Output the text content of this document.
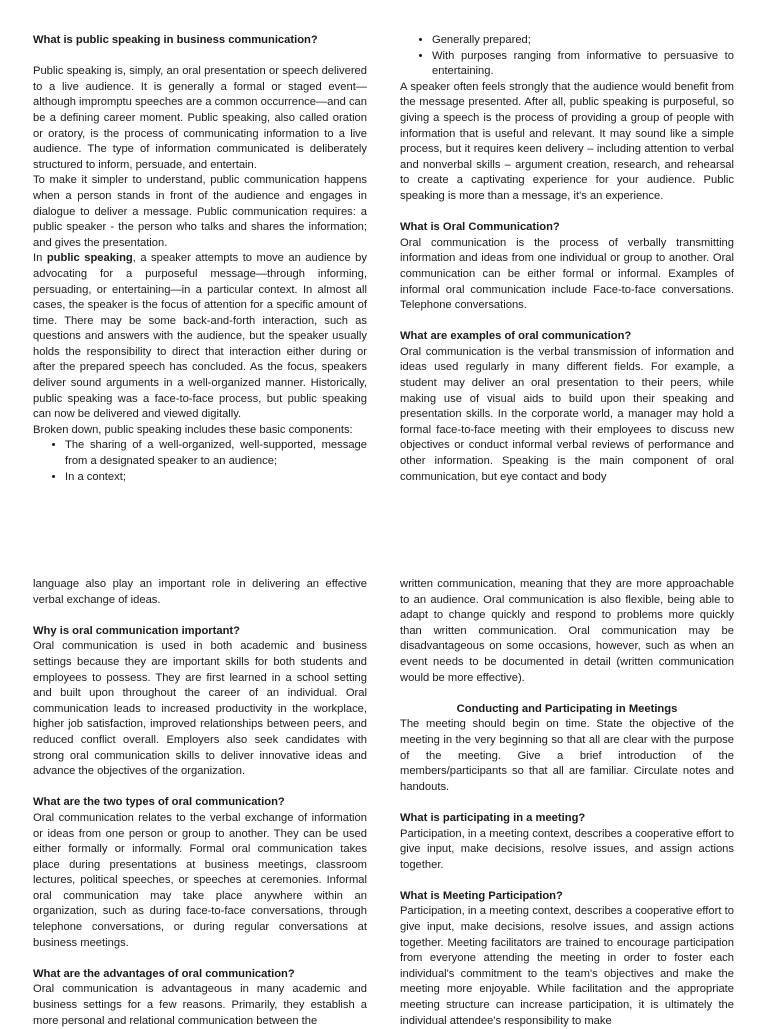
What is public speaking in business communication?

Public speaking is, simply, an oral presentation or speech delivered to a live audience. It is generally a formal or staged event—although impromptu speeches are a common occurrence—and can be a defining career moment. Public speaking, also called oration or oratory, is the process of communicating information to a live audience. The type of information communicated is deliberately structured to inform, persuade, and entertain.

To make it simpler to understand, public communication happens when a person stands in front of the audience and engages in dialogue to deliver a message. Public communication requires: a public speaker - the person who talks and shares the information; and gives the presentation.

In public speaking, a speaker attempts to move an audience by advocating for a purposeful message—through informing, persuading, or entertaining—in a particular context. In almost all cases, the speaker is the focus of attention for a specific amount of time. There may be some back-and-forth interaction, such as questions and answers with the audience, but the speaker usually holds the responsibility to direct that interaction either during or after the prepared speech has concluded. As the focus, speakers deliver sound arguments in a well-organized manner. Historically, public speaking was a face-to-face process, but public speaking can now be delivered and viewed digitally.

Broken down, public speaking includes these basic components:

• The sharing of a well-organized, well-supported, message from a designated speaker to an audience;
• In a context;
• Generally prepared;
• With purposes ranging from informative to persuasive to entertaining.

A speaker often feels strongly that the audience would benefit from the message presented. After all, public speaking is purposeful, so giving a speech is the process of providing a group of people with information that is useful and relevant. It may sound like a simple process, but it requires keen delivery – including attention to verbal and nonverbal skills – argument creation, research, and rehearsal to create a captivating experience for your audience. Public speaking is more than a message, it's an experience.

What is Oral Communication?

Oral communication is the process of verbally transmitting information and ideas from one individual or group to another. Oral communication can be either formal or informal. Examples of informal oral communication include Face-to-face conversations. Telephone conversations.

What are examples of oral communication?

Oral communication is the verbal transmission of information and ideas used regularly in many different fields. For example, a student may deliver an oral presentation to their peers, while making use of visual aids to build upon their speaking and presentation skills. In the corporate world, a manager may hold a formal face-to-face meeting with their employees to discuss new objectives or conduct informal verbal reviews of performance and other information. Speaking is the main component of oral communication, but eye contact and body

language also play an important role in delivering an effective verbal exchange of ideas.

Why is oral communication important?

Oral communication is used in both academic and business settings because they are important skills for both students and employees to possess. They are first learned in a school setting and built upon throughout the career of an individual. Oral communication leads to increased productivity in the workplace, higher job satisfaction, improved relationships between peers, and reduced conflict overall. Employers also seek candidates with strong oral communication skills to deliver innovative ideas and advance the objectives of the organization.

What are the two types of oral communication?

Oral communication relates to the verbal exchange of information or ideas from one person or group to another. They can be used either formally or informally. Formal oral communication takes place during presentations at business meetings, classroom lectures, political speeches, or speeches at ceremonies. Informal oral communication may take place anywhere within an organization, such as during face-to-face conversations, through telephone conversations, or during regular conversations at business meetings.

What are the advantages of oral communication?

Oral communication is advantageous in many academic and business settings for a few reasons. Primarily, they establish a more personal and relational communication between the

written communication, meaning that they are more approachable to an audience. Oral communication is also flexible, being able to adapt to change quickly and respond to problems more quickly than written communication. Oral communication may be disadvantageous on some occasions, however, such as when an event needs to be documented in detail (written communication would be more effective).

Conducting and Participating in Meetings

The meeting should begin on time. State the objective of the meeting in the very beginning so that all are clear with the purpose of the meeting. Give a brief introduction of the members/participants so that all are familiar. Circulate notes and handouts.

What is participating in a meeting?

Participation, in a meeting context, describes a cooperative effort to give input, make decisions, resolve issues, and assign actions together.

What is Meeting Participation?

Participation, in a meeting context, describes a cooperative effort to give input, make decisions, resolve issues, and assign actions together. Meeting facilitators are trained to encourage participation from everyone attending the meeting in order to foster each individual's commitment to the team's objectives and make the meeting more enjoyable. While facilitation and the appropriate meeting structure can increase participation, it is ultimately the individual attendee's responsibility to make
